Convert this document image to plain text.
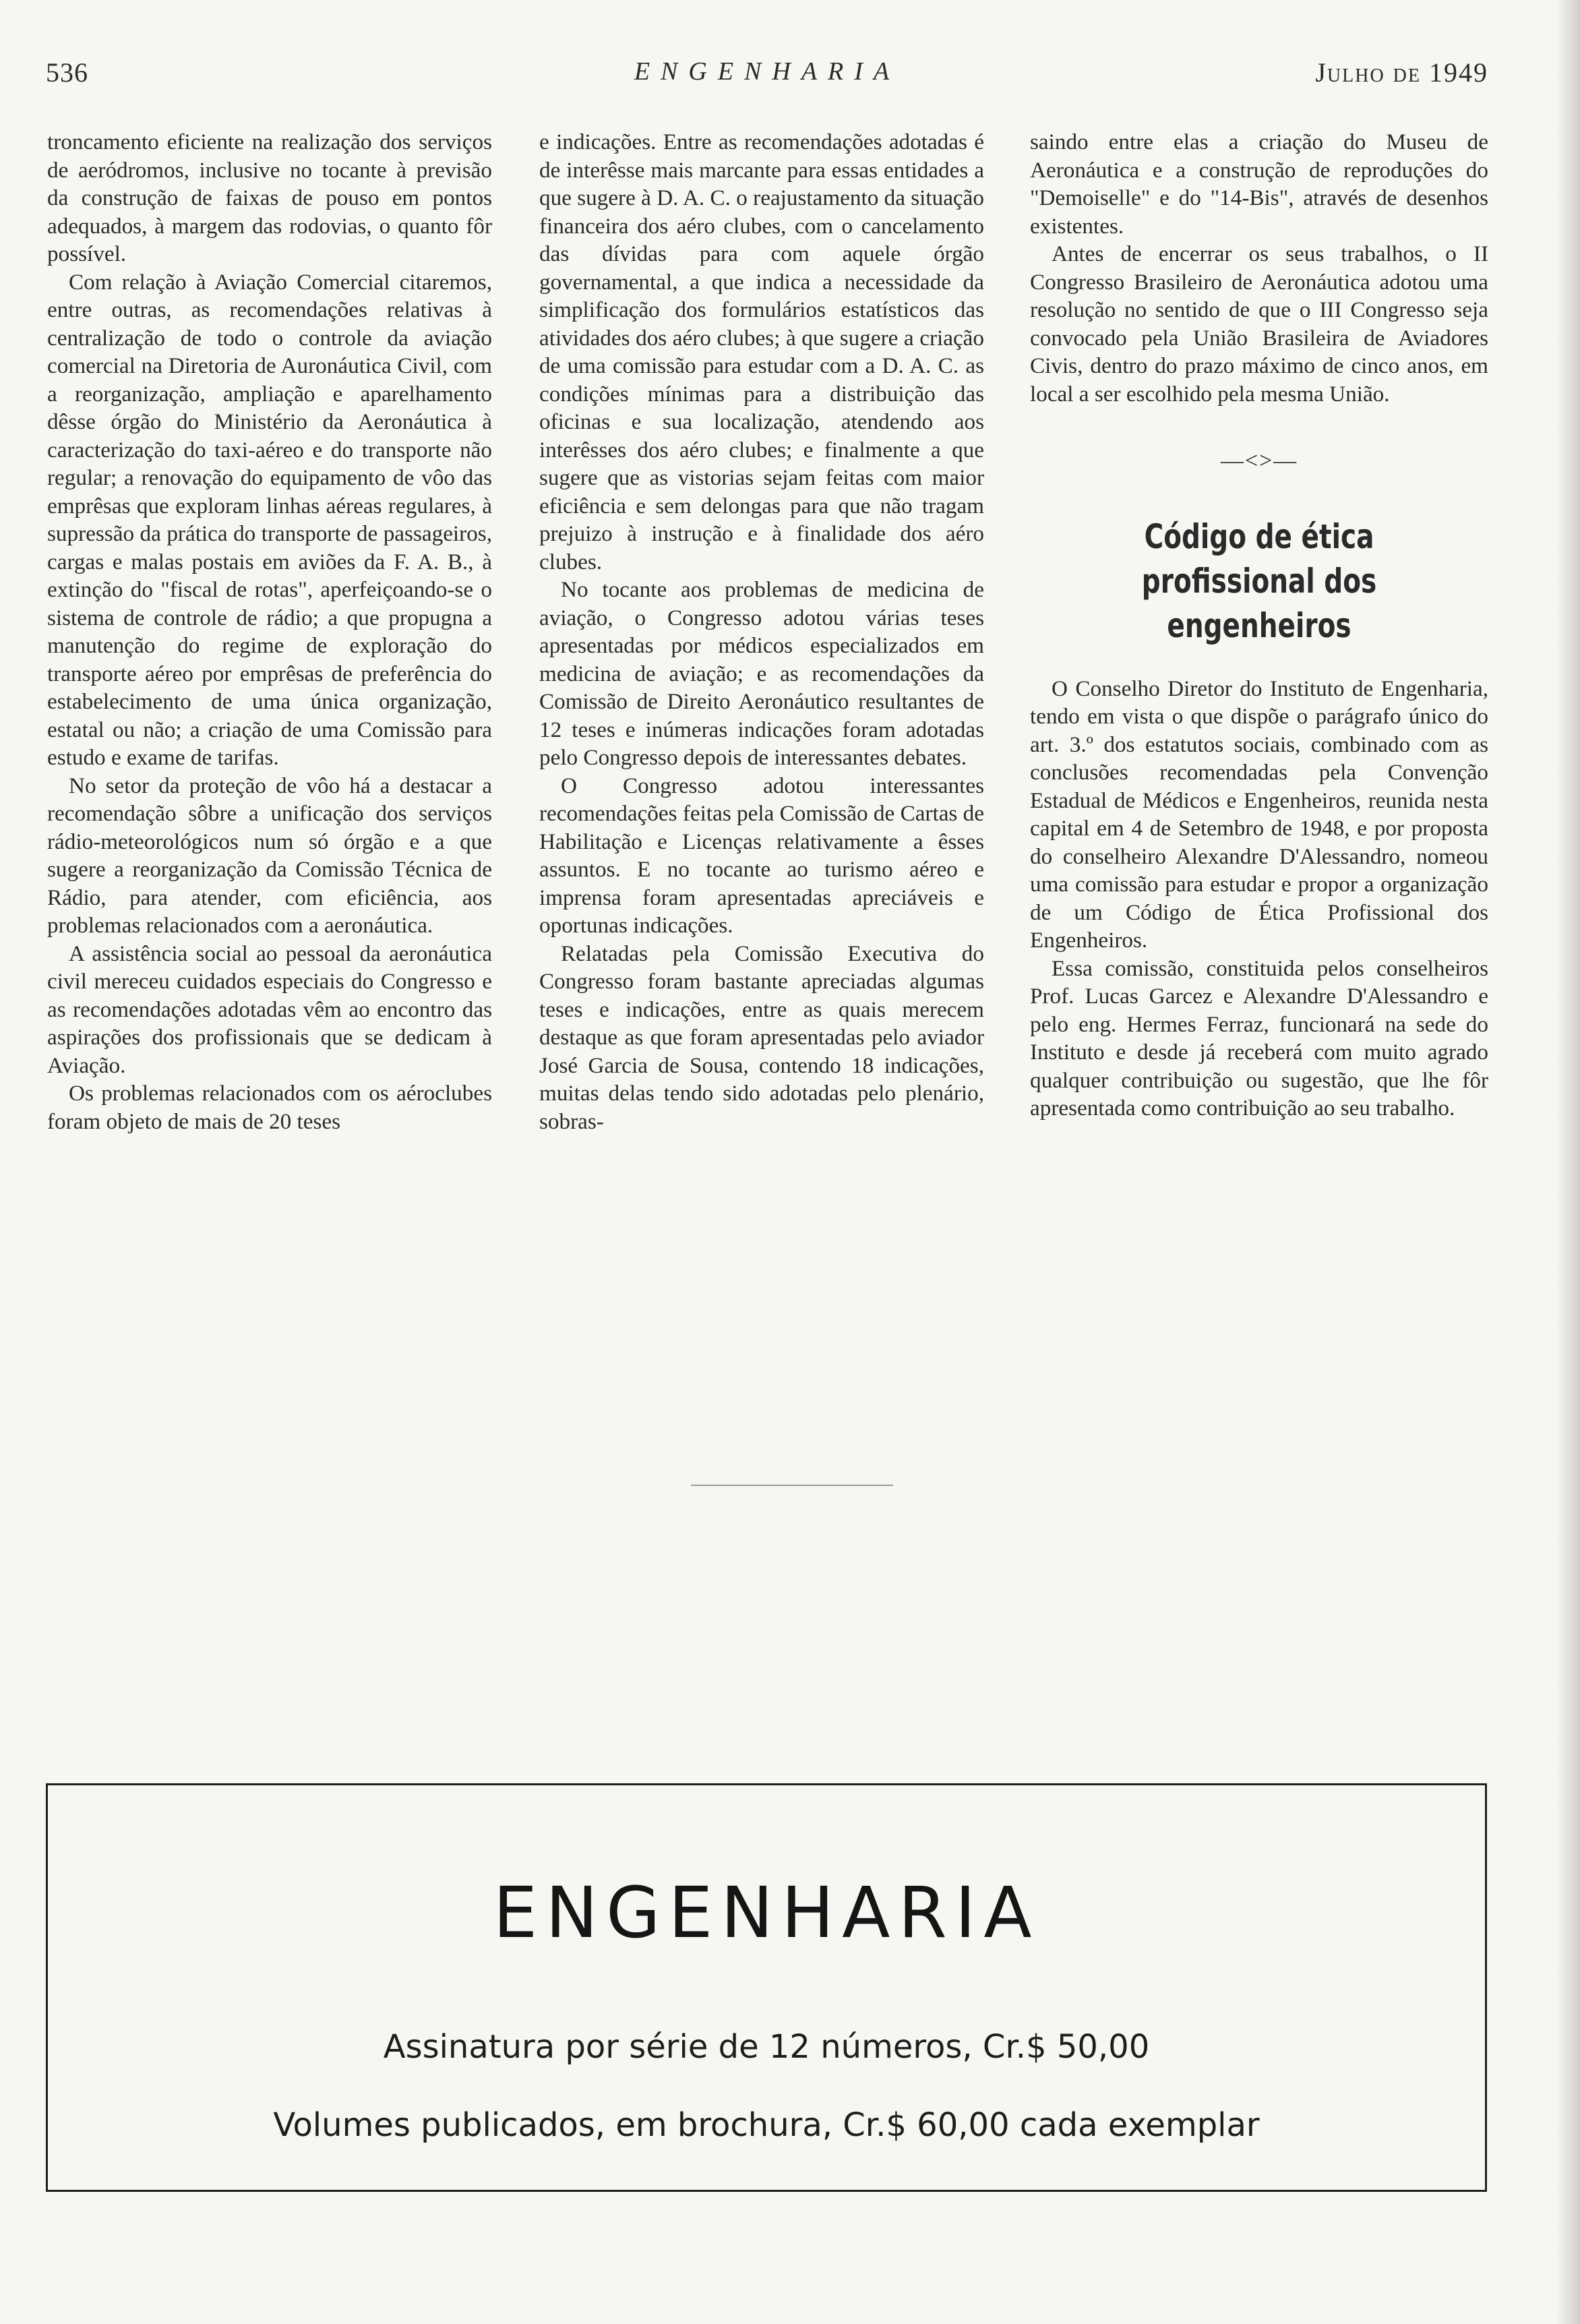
536	ENGENHARIA	Julho de 1949

troncamento eficiente na realização dos serviços de aeródromos, inclusive no tocante à previsão da construção de faixas de pouso em pontos adequados, à margem das rodovias, o quanto fôr possível.

Com relação à Aviação Comercial citaremos, entre outras, as recomendações relativas à centralização de todo o controle da aviação comercial na Diretoria de Auronáutica Civil, com a reorganização, ampliação e aparelhamento dêsse órgão do Ministério da Aeronáutica à caracterização do taxi-aéreo e do transporte não regular; a renovação do equipamento de vôo das emprêsas que exploram linhas aéreas regulares, à supressão da prática do transporte de passageiros, cargas e malas postais em aviões da F. A. B., à extinção do "fiscal de rotas", aperfeiçoando-se o sistema de controle de rádio; a que propugna a manutenção do regime de exploração do transporte aéreo por emprêsas de preferência do estabelecimento de uma única organização, estatal ou não; a criação de uma Comissão para estudo e exame de tarifas.

No setor da proteção de vôo há a destacar a recomendação sôbre a unificação dos serviços rádio-meteorológicos num só órgão e a que sugere a reorganização da Comissão Técnica de Rádio, para atender, com eficiência, aos problemas relacionados com a aeronáutica.

A assistência social ao pessoal da aeronáutica civil mereceu cuidados especiais do Congresso e as recomendações adotadas vêm ao encontro das aspirações dos profissionais que se dedicam à Aviação.

Os problemas relacionados com os aéroclubes foram objeto de mais de 20 teses

e indicações. Entre as recomendações adotadas é de interêsse mais marcante para essas entidades a que sugere à D. A. C. o reajustamento da situação financeira dos aéro clubes, com o cancelamento das dívidas para com aquele órgão governamental, a que indica a necessidade da simplificação dos formulários estatísticos das atividades dos aéro clubes; à que sugere a criação de uma comissão para estudar com a D. A. C. as condições mínimas para a distribuição das oficinas e sua localização, atendendo aos interêsses dos aéro clubes; e finalmente a que sugere que as vistorias sejam feitas com maior eficiência e sem delongas para que não tragam prejuizo à instrução e à finalidade dos aéro clubes.

No tocante aos problemas de medicina de aviação, o Congresso adotou várias teses apresentadas por médicos especializados em medicina de aviação; e as recomendações da Comissão de Direito Aeronáutico resultantes de 12 teses e inúmeras indicações foram adotadas pelo Congresso depois de interessantes debates.

O Congresso adotou interessantes recomendações feitas pela Comissão de Cartas de Habilitação e Licenças relativamente a êsses assuntos. E no tocante ao turismo aéreo e imprensa foram apresentadas apreciáveis e oportunas indicações.

Relatadas pela Comissão Executiva do Congresso foram bastante apreciadas algumas teses e indicações, entre as quais merecem destaque as que foram apresentadas pelo aviador José Garcia de Sousa, contendo 18 indicações, muitas delas tendo sido adotadas pelo plenário, sobras-

saindo entre elas a criação do Museu de Aeronáutica e a construção de reproduções do "Demoiselle" e do "14-Bis", através de desenhos existentes.

Antes de encerrar os seus trabalhos, o II Congresso Brasileiro de Aeronáutica adotou uma resolução no sentido de que o III Congresso seja convocado pela União Brasileira de Aviadores Civis, dentro do prazo máximo de cinco anos, em local a ser escolhido pela mesma União.

—<>—
Código de ética profissional dos engenheiros

O Conselho Diretor do Instituto de Engenharia, tendo em vista o que dispõe o parágrafo único do art. 3.º dos estatutos sociais, combinado com as conclusões recomendadas pela Convenção Estadual de Médicos e Engenheiros, reunida nesta capital em 4 de Setembro de 1948, e por proposta do conselheiro Alexandre D'Alessandro, nomeou uma comissão para estudar e propor a organização de um Código de Ética Profissional dos Engenheiros.

Essa comissão, constituida pelos conselheiros Prof. Lucas Garcez e Alexandre D'Alessandro e pelo eng. Hermes Ferraz, funcionará na sede do Instituto e desde já receberá com muito agrado qualquer contribuição ou sugestão, que lhe fôr apresentada como contribuição ao seu trabalho.

ENGENHARIA
Assinatura por série de 12 números, Cr.$ 50,00
Volumes publicados, em brochura, Cr.$ 60,00 cada exemplar
